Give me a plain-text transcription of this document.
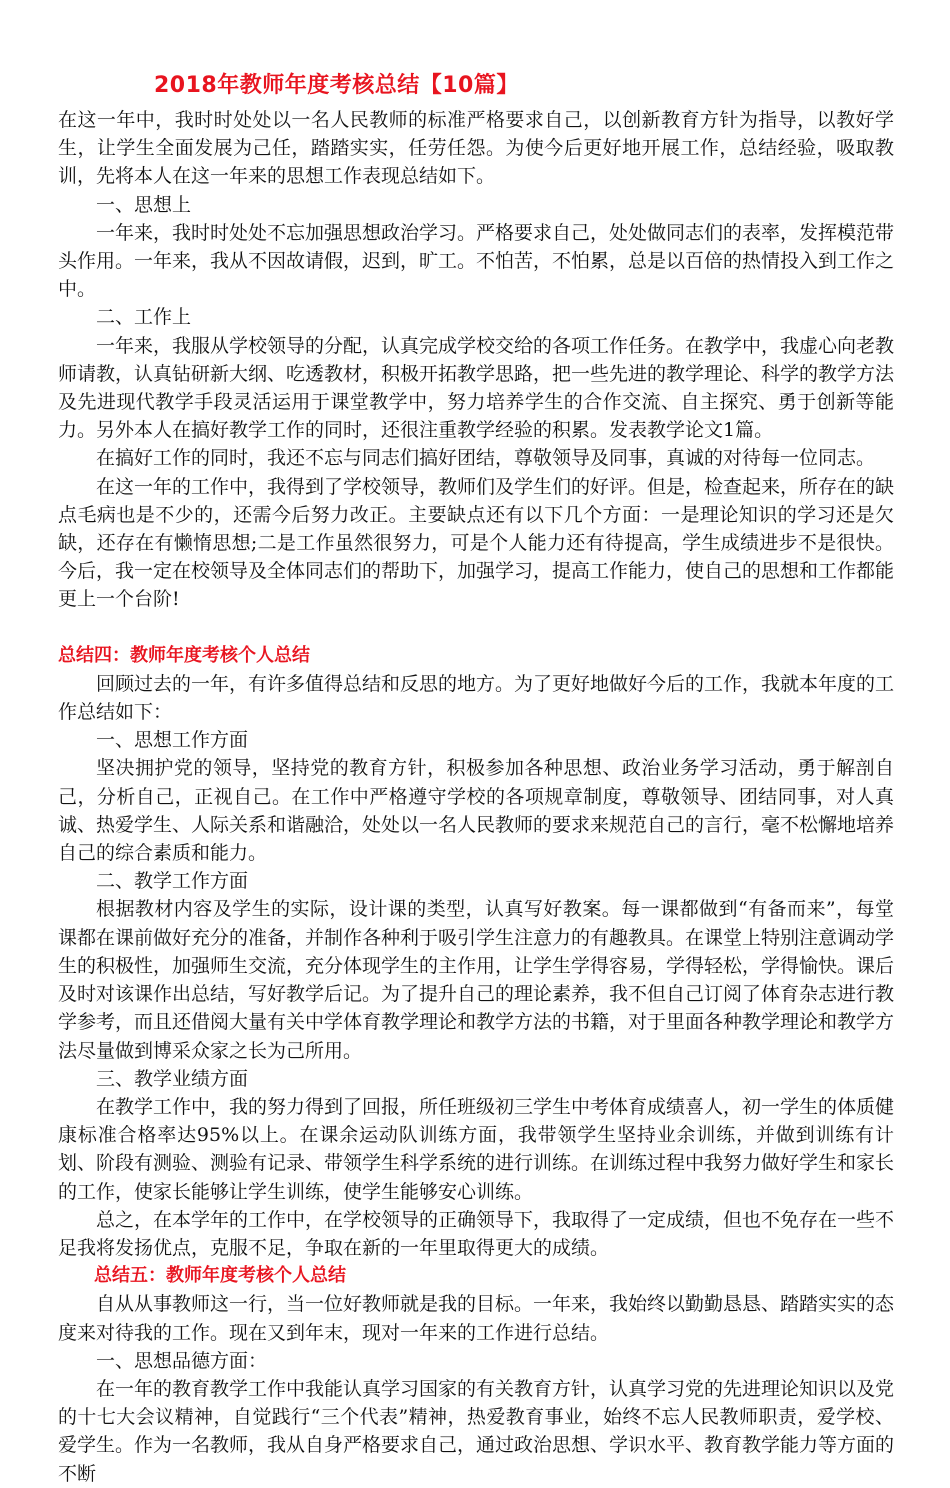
2018年教师年度考核总结【10篇】

在这一年中，我时时处处以一名人民教师的标准严格要求自己，以创新教育方针为指导，以教好学生，让学生全面发展为己任，踏踏实实，任劳任怨。为使今后更好地开展工作，总结经验，吸取教训，先将本人在这一年来的思想工作表现总结如下。

一、思想上

一年来，我时时处处不忘加强思想政治学习。严格要求自己，处处做同志们的表率，发挥模范带头作用。一年来，我从不因故请假，迟到，旷工。不怕苦，不怕累，总是以百倍的热情投入到工作之中。

二、工作上

一年来，我服从学校领导的分配，认真完成学校交给的各项工作任务。在教学中，我虚心向老教师请教，认真钻研新大纲、吃透教材，积极开拓教学思路，把一些先进的教学理论、科学的教学方法及先进现代教学手段灵活运用于课堂教学中，努力培养学生的合作交流、自主探究、勇于创新等能力。另外本人在搞好教学工作的同时，还很注重教学经验的积累。发表教学论文1篇。

在搞好工作的同时，我还不忘与同志们搞好团结，尊敬领导及同事，真诚的对待每一位同志。

在这一年的工作中，我得到了学校领导，教师们及学生们的好评。但是，检查起来，所存在的缺点毛病也是不少的，还需今后努力改正。主要缺点还有以下几个方面：一是理论知识的学习还是欠缺，还存在有懒惰思想;二是工作虽然很努力，可是个人能力还有待提高，学生成绩进步不是很快。今后，我一定在校领导及全体同志们的帮助下，加强学习，提高工作能力，使自己的思想和工作都能更上一个台阶!

总结四：教师年度考核个人总结

回顾过去的一年，有许多值得总结和反思的地方。为了更好地做好今后的工作，我就本年度的工作总结如下：

一、思想工作方面

坚决拥护党的领导，坚持党的教育方针，积极参加各种思想、政治业务学习活动，勇于解剖自己，分析自己，正视自己。在工作中严格遵守学校的各项规章制度，尊敬领导、团结同事，对人真诚、热爱学生、人际关系和谐融洽，处处以一名人民教师的要求来规范自己的言行，毫不松懈地培养自己的综合素质和能力。

二、教学工作方面

根据教材内容及学生的实际，设计课的类型，认真写好教案。每一课都做到“有备而来”，每堂课都在课前做好充分的准备，并制作各种利于吸引学生注意力的有趣教具。在课堂上特别注意调动学生的积极性，加强师生交流，充分体现学生的主作用，让学生学得容易，学得轻松，学得愉快。课后及时对该课作出总结，写好教学后记。为了提升自己的理论素养，我不但自己订阅了体育杂志进行教学参考，而且还借阅大量有关中学体育教学理论和教学方法的书籍，对于里面各种教学理论和教学方法尽量做到博采众家之长为己所用。

三、教学业绩方面

在教学工作中，我的努力得到了回报，所任班级初三学生中考体育成绩喜人，初一学生的体质健康标准合格率达95%以上。在课余运动队训练方面，我带领学生坚持业余训练，并做到训练有计划、阶段有测验、测验有记录、带领学生科学系统的进行训练。在训练过程中我努力做好学生和家长的工作，使家长能够让学生训练，使学生能够安心训练。

总之，在本学年的工作中，在学校领导的正确领导下，我取得了一定成绩，但也不免存在一些不足我将发扬优点，克服不足，争取在新的一年里取得更大的成绩。

总结五：教师年度考核个人总结

自从从事教师这一行，当一位好教师就是我的目标。一年来，我始终以勤勤恳恳、踏踏实实的态度来对待我的工作。现在又到年末，现对一年来的工作进行总结。

一、思想品德方面：

在一年的教育教学工作中我能认真学习国家的有关教育方针，认真学习党的先进理论知识以及党的十七大会议精神，自觉践行“三个代表”精神，热爱教育事业，始终不忘人民教师职责，爱学校、爱学生。作为一名教师，我从自身严格要求自己，通过政治思想、学识水平、教育教学能力等方面的不断
